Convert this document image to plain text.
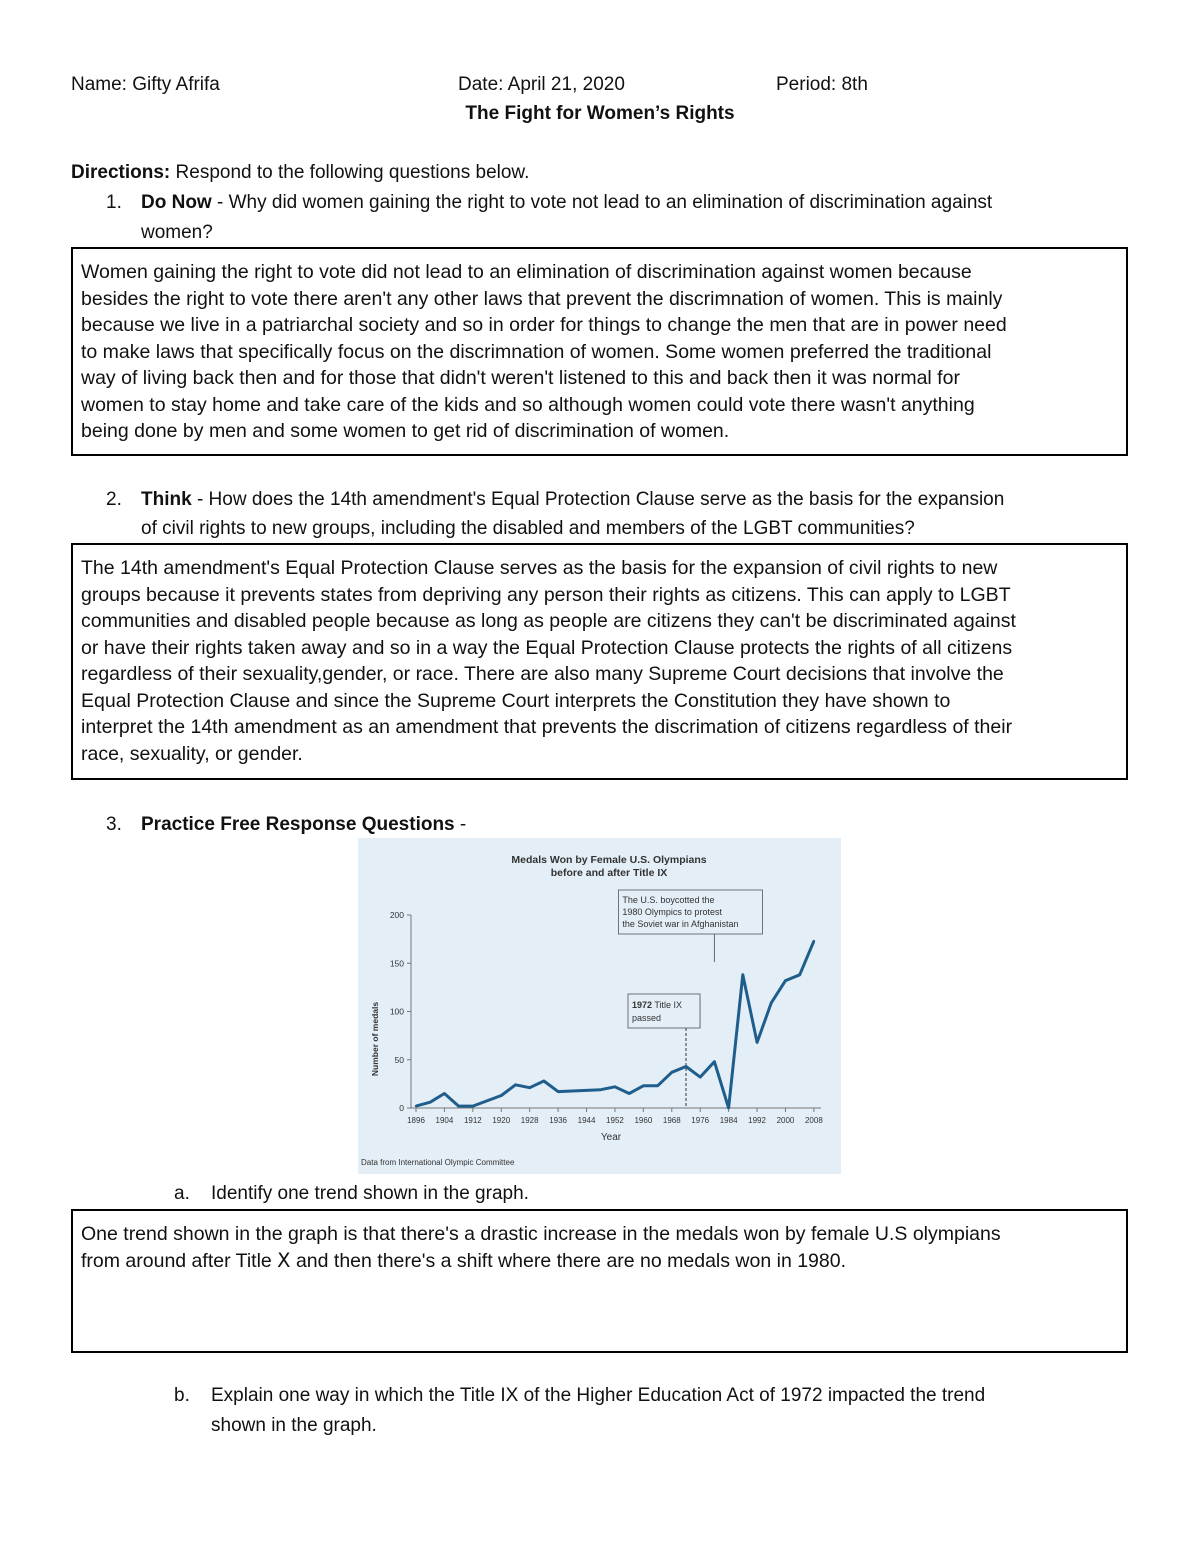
Name: Gifty Afrifa	Date: April 21, 2020	Period: 8th
The Fight for Women’s Rights
Directions: Respond to the following questions below.
1. Do Now - Why did women gaining the right to vote not lead to an elimination of discrimination against

women?

Women gaining the right to vote did not lead to an elimination of discrimination against women because

besides the right to vote there aren't any other laws that prevent the discrimnation of women. This is mainly

because we live in a patriarchal society and so in order for things to change the men that are in power need

to make laws that specifically focus on the discrimnation of women. Some women preferred the traditional

way of living back then and for those that didn't weren't listened to this and back then it was normal for

women to stay home and take care of the kids and so although women could vote there wasn't anything

being done by men and some women to get rid of discrimination of women.

2. Think - How does the 14th amendment's Equal Protection Clause serve as the basis for the expansion

of civil rights to new groups, including the disabled and members of the LGBT communities?

The 14th amendment's Equal Protection Clause serves as the basis for the expansion of civil rights to new

groups because it prevents states from depriving any person their rights as citizens. This can apply to LGBT

communities and disabled people because as long as people are citizens they can't be discriminated against

or have their rights taken away and so in a way the Equal Protection Clause protects the rights of all citizens

regardless of their sexuality,gender, or race. There are also many Supreme Court decisions that involve the

Equal Protection Clause and since the Supreme Court interprets the Constitution they have shown to

interpret the 14th amendment as an amendment that prevents the discrimation of citizens regardless of their

race, sexuality, or gender.

3. Practice Free Response Questions -

Medals Won by Female U.S. Olympians
before and after Title IX
Number of medals
Year
Data from International Olympic Committee
0
50
100
150
200
1896 1904 1912 1920 1928 1936 1944 1952 1960 1968 1976 1984 1992 2000 2008
1972 Title IX
passed
The U.S. boycotted the
1980 Olympics to protest
the Soviet war in Afghanistan
a. Identify one trend shown in the graph.

One trend shown in the graph is that there's a drastic increase in the medals won by female U.S olympians

from around after Title Ⅹ and then there's a shift where there are no medals won in 1980.

b. Explain one way in which the Title IX of the Higher Education Act of 1972 impacted the trend

shown in the graph.
